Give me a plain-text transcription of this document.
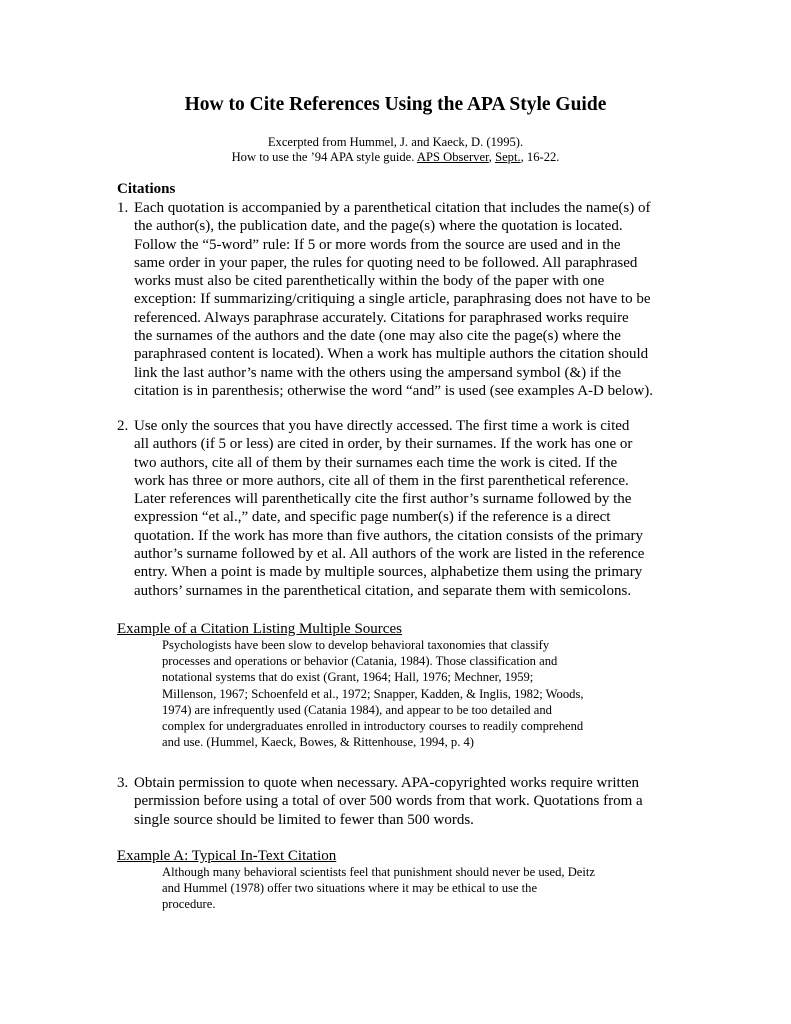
How to Cite References Using the APA Style Guide
Excerpted from Hummel, J. and Kaeck, D. (1995).
How to use the ’94 APA style guide. APS Observer, Sept., 16-22.
Citations
1. Each quotation is accompanied by a parenthetical citation that includes the name(s) of
the author(s), the publication date, and the page(s) where the quotation is located.
Follow the “5-word” rule: If 5 or more words from the source are used and in the
same order in your paper, the rules for quoting need to be followed. All paraphrased
works must also be cited parenthetically within the body of the paper with one
exception: If summarizing/critiquing a single article, paraphrasing does not have to be
referenced. Always paraphrase accurately. Citations for paraphrased works require
the surnames of the authors and the date (one may also cite the page(s) where the
paraphrased content is located). When a work has multiple authors the citation should
link the last author’s name with the others using the ampersand symbol (&) if the
citation is in parenthesis; otherwise the word “and” is used (see examples A-D below).
2. Use only the sources that you have directly accessed. The first time a work is cited
all authors (if 5 or less) are cited in order, by their surnames. If the work has one or
two authors, cite all of them by their surnames each time the work is cited. If the
work has three or more authors, cite all of them in the first parenthetical reference.
Later references will parenthetically cite the first author’s surname followed by the
expression “et al.,” date, and specific page number(s) if the reference is a direct
quotation. If the work has more than five authors, the citation consists of the primary
author’s surname followed by et al. All authors of the work are listed in the reference
entry. When a point is made by multiple sources, alphabetize them using the primary
authors’ surnames in the parenthetical citation, and separate them with semicolons.
Example of a Citation Listing Multiple Sources
Psychologists have been slow to develop behavioral taxonomies that classify
processes and operations or behavior (Catania, 1984). Those classification and
notational systems that do exist (Grant, 1964; Hall, 1976; Mechner, 1959;
Millenson, 1967; Schoenfeld et al., 1972; Snapper, Kadden, & Inglis, 1982; Woods,
1974) are infrequently used (Catania 1984), and appear to be too detailed and
complex for undergraduates enrolled in introductory courses to readily comprehend
and use. (Hummel, Kaeck, Bowes, & Rittenhouse, 1994, p. 4)
3. Obtain permission to quote when necessary. APA-copyrighted works require written
permission before using a total of over 500 words from that work. Quotations from a
single source should be limited to fewer than 500 words.
Example A: Typical In-Text Citation
Although many behavioral scientists feel that punishment should never be used, Deitz
and Hummel (1978) offer two situations where it may be ethical to use the
procedure.
